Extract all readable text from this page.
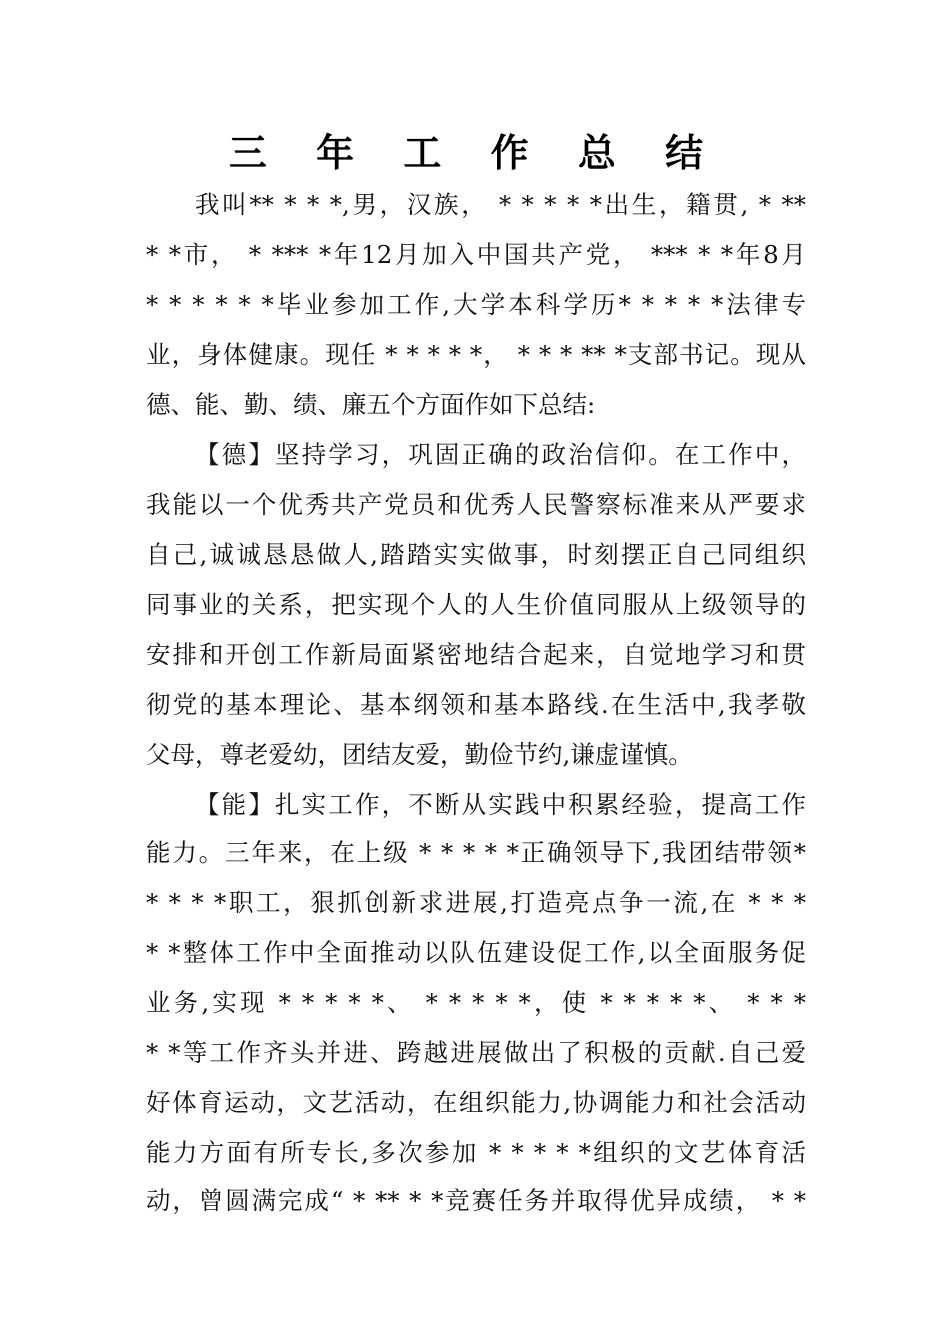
三 年 工 作 总 结
我叫** * * *,男，汉族， * * * * *出生，籍贯, * **
* *市， * *** *年12月加入中国共产党， *** * *年8月
* * * * * *毕业参加工作,大学本科学历* * * * *法律专
业，身体健康。现任 * * * * *， * * * ** *支部书记。现从
德、能、勤、绩、廉五个方面作如下总结:
【德】坚持学习，巩固正确的政治信仰。在工作中，
我能以一个优秀共产党员和优秀人民警察标准来从严要求
自己,诚诚恳恳做人,踏踏实实做事，时刻摆正自己同组织
同事业的关系，把实现个人的人生价值同服从上级领导的
安排和开创工作新局面紧密地结合起来，自觉地学习和贯
彻党的基本理论、基本纲领和基本路线.在生活中,我孝敬
父母，尊老爱幼，团结友爱，勤俭节约,谦虚谨慎。
【能】扎实工作，不断从实践中积累经验，提高工作
能力。三年来，在上级 * * * * *正确领导下,我团结带领*
* * * *职工，狠抓创新求进展,打造亮点争一流,在 * * *
* *整体工作中全面推动以队伍建设促工作,以全面服务促
业务,实现 * * * * *、 * * * * *，使 * * * * *、 * * *
* *等工作齐头并进、跨越进展做出了积极的贡献.自己爱
好体育运动，文艺活动，在组织能力,协调能力和社会活动
能力方面有所专长,多次参加 * * * * *组织的文艺体育活
动，曾圆满完成“ * ** * *竞赛任务并取得优异成绩， * *
